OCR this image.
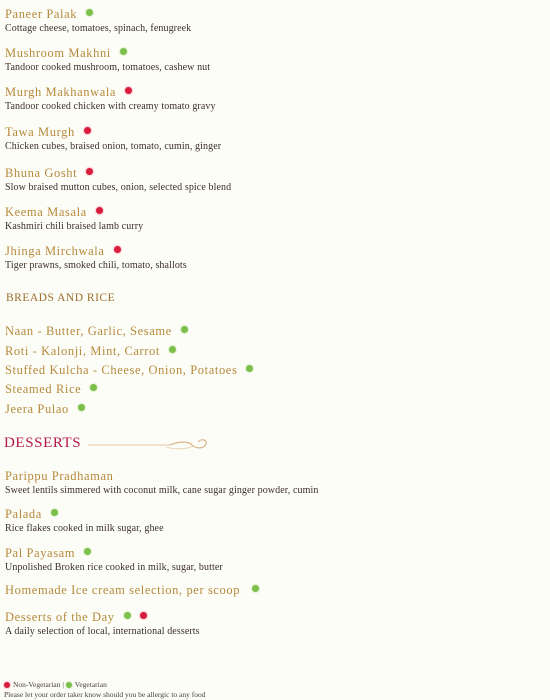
Paneer Palak
Cottage cheese, tomatoes, spinach, fenugreek
Mushroom Makhni
Tandoor cooked mushroom, tomatoes, cashew nut
Murgh Makhanwala
Tandoor cooked chicken with creamy tomato gravy
Tawa Murgh
Chicken cubes, braised onion, tomato, cumin, ginger
Bhuna Gosht
Slow braised mutton cubes, onion, selected spice blend
Keema Masala
Kashmiri chili braised lamb curry
Jhinga Mirchwala
Tiger prawns, smoked chili, tomato, shallots
BREADS AND RICE
Naan - Butter, Garlic, Sesame
Roti - Kalonji, Mint, Carrot
Stuffed Kulcha - Cheese, Onion, Potatoes
Steamed Rice
Jeera Pulao
DESSERTS
Parippu Pradhaman
Sweet lentils simmered with coconut milk, cane sugar ginger powder, cumin
Palada
Rice flakes cooked in milk sugar, ghee
Pal Payasam
Unpolished Broken rice cooked in milk, sugar, butter
Homemade Ice cream selection, per scoop
Desserts of the Day
A daily selection of local, international desserts
Non-Vegetarian | Vegetarian
Please let your order taker know should you be allergic to any food
